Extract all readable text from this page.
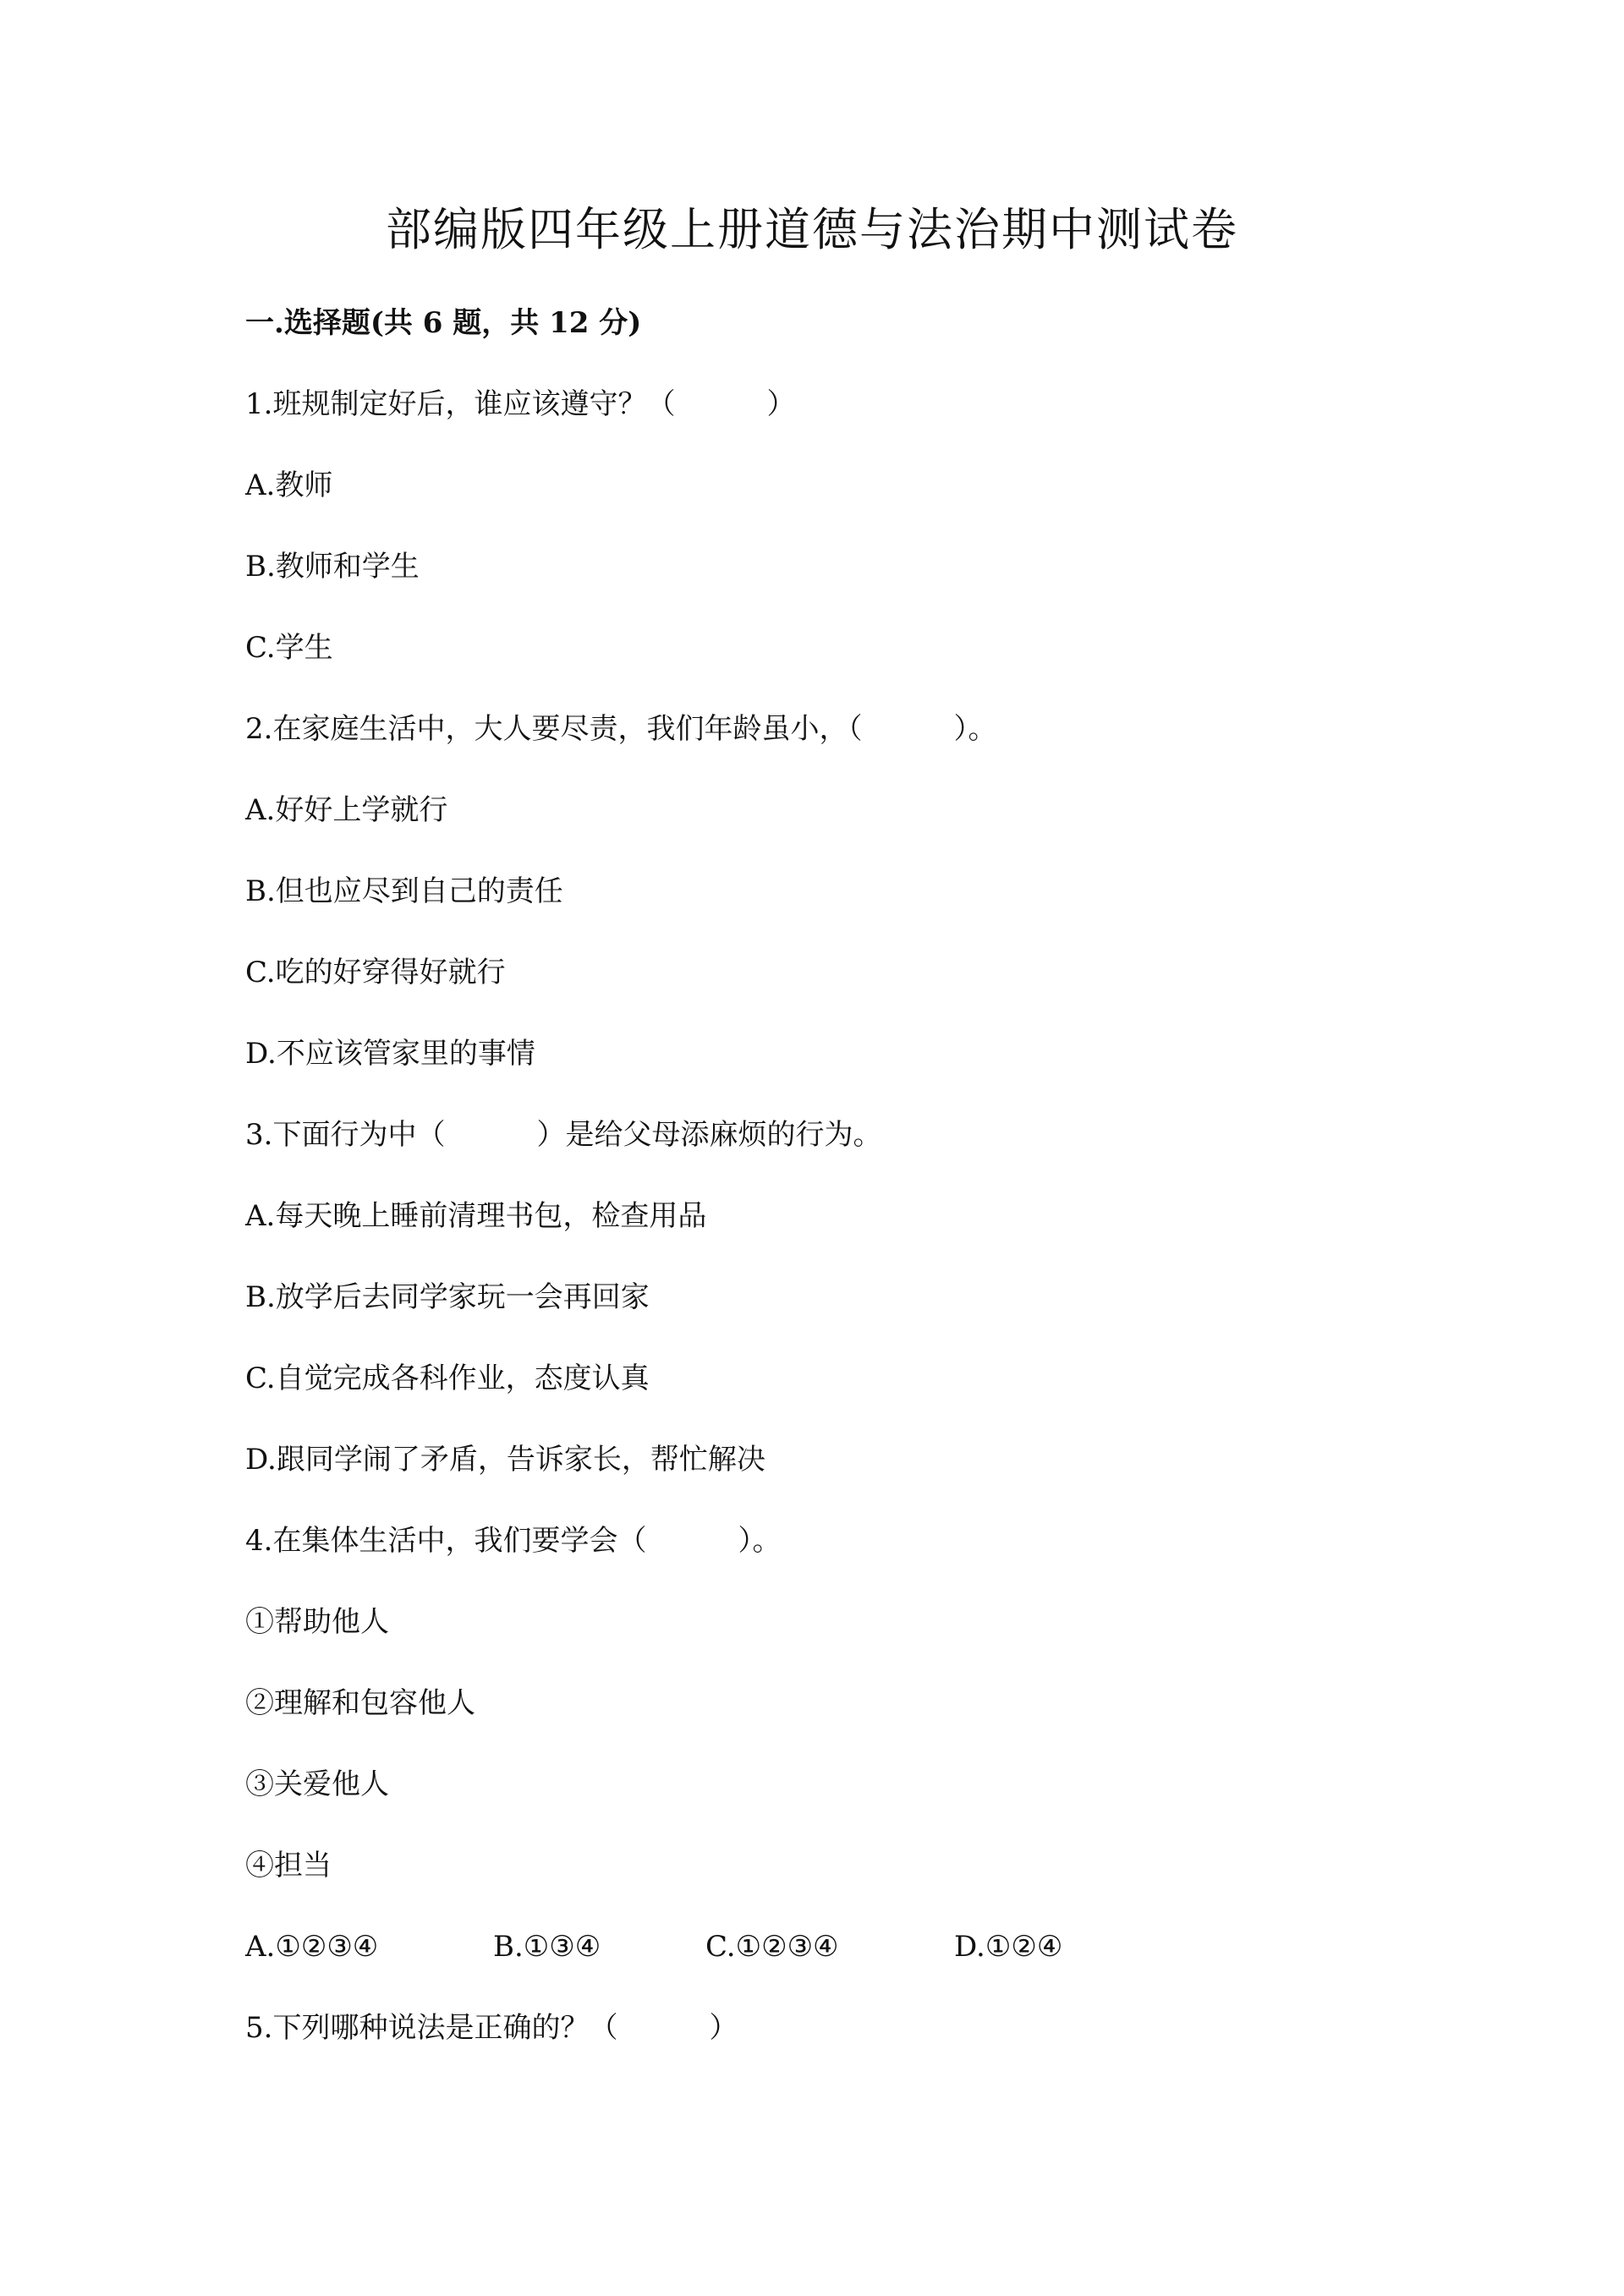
部编版四年级上册道德与法治期中测试卷
一.选择题(共 6 题，共 12 分)
1.班规制定好后，谁应该遵守？（          ）
A.教师
B.教师和学生
C.学生
2.在家庭生活中，大人要尽责，我们年龄虽小，（          ）。
A.好好上学就行
B.但也应尽到自己的责任
C.吃的好穿得好就行
D.不应该管家里的事情
3.下面行为中（          ）是给父母添麻烦的行为。
A.每天晚上睡前清理书包，检查用品
B.放学后去同学家玩一会再回家
C.自觉完成各科作业，态度认真
D.跟同学闹了矛盾，告诉家长，帮忙解决
4.在集体生活中，我们要学会（          ）。
①帮助他人
②理解和包容他人
③关爱他人
④担当

A.①②③④

	B.①③④

	C.①②③④

	D.①②④

5.下列哪种说法是正确的？（          ）
